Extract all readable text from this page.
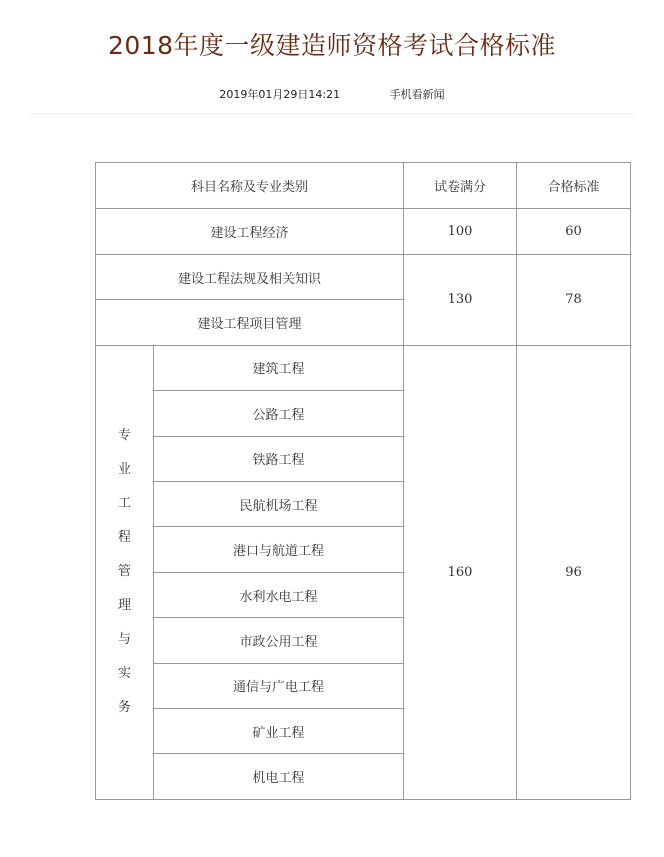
2018年度一级建造师资格考试合格标准
2019年01月29日14:21	手机看新闻
科目名称及专业类别		试卷满分	合格标准
建设工程经济		100	60
建设工程法规及相关知识		130	78
建设工程项目管理			
专业工程管理与实务	建筑工程	160	96
	公路工程		
	铁路工程		
	民航机场工程		
	港口与航道工程		
	水利水电工程		
	市政公用工程		
	通信与广电工程		
	矿业工程		
	机电工程		
